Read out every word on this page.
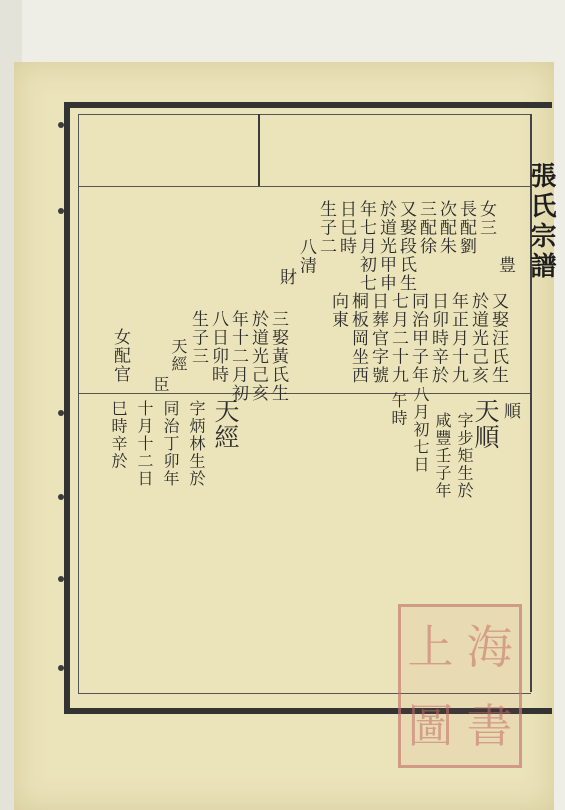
張氏宗譜
女三
長配劉
次配朱
三配徐
又娶段氏生
於道光甲申
年七月初七
日巳時
生子二
八清
財
豊
又娶汪氏生
順
於道光己亥
天順
年正月十九
字步矩生於
日卯時辛於
咸豐壬子年
同治甲子年
八月初七日
七月二十九
午時
日葬官字號
桐板岡坐西
向東
三娶黃氏生
於道光己亥
年十二月初
八日卯時
生子三
天經
臣
女配官
天經
字炳林生於
同治丁卯年
十月十二日
巳時辛於
上 海
圖 書
